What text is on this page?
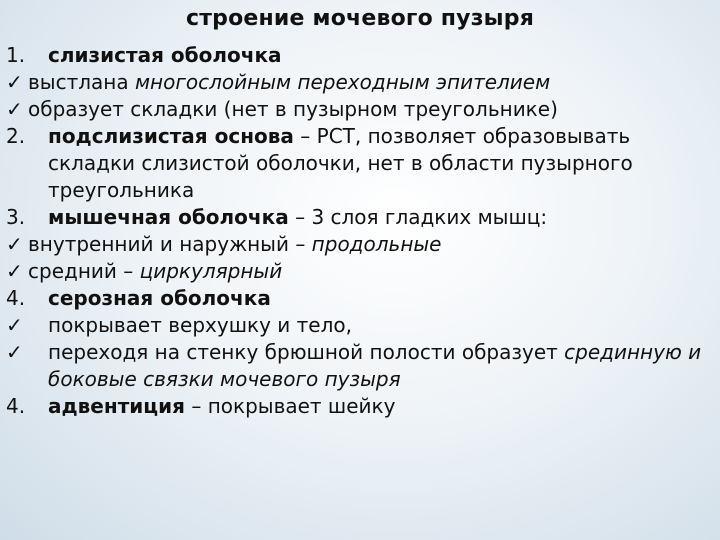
строение мочевого пузыря
1.	слизистая оболочка
✓ выстлана многослойным переходным эпителием
✓ образует складки (нет в пузырном треугольнике)
2.	подслизистая основа – РСТ, позволяет образовывать складки слизистой оболочки, нет в области пузырного треугольника
3.	мышечная оболочка – 3 слоя гладких мышц:
✓ внутренний и наружный – продольные
✓ средний – циркулярный
4.	серозная оболочка
✓	покрывает верхушку и тело,
✓	переходя на стенку брюшной полости образует срединную и боковые связки мочевого пузыря
4.	адвентиция – покрывает шейку
